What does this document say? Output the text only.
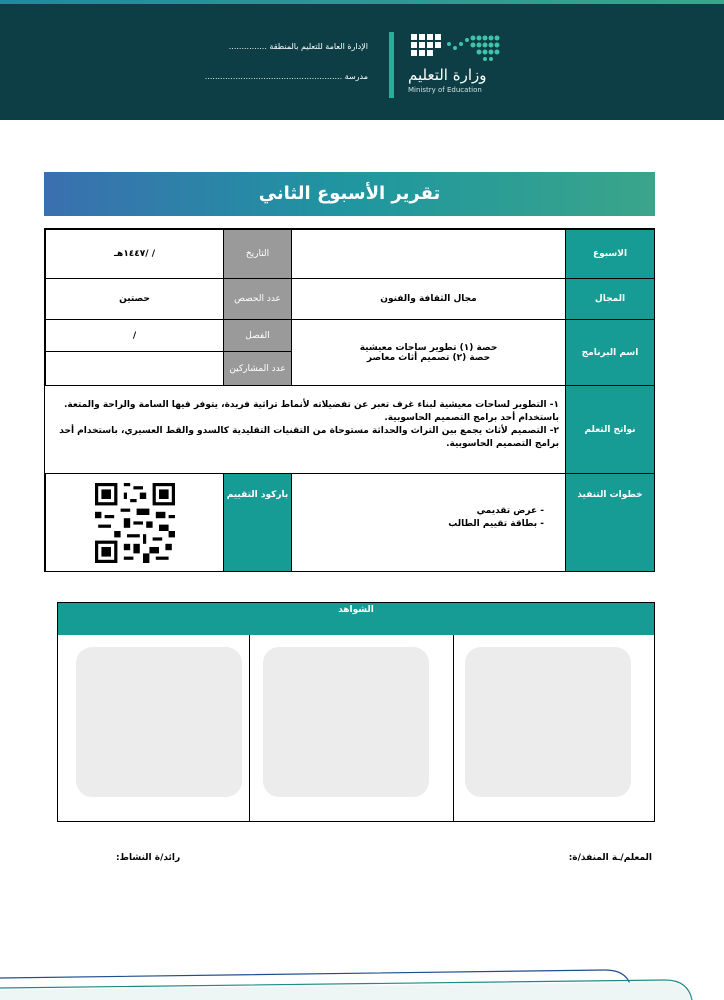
وزارة التعليم
Ministry of Education
الإدارة العامة للتعليم بالمنطقة ...............
مدرسة ......................................................
تقرير الأسبوع الثاني
الاسبوع
التاريخ
/ /١٤٤٧هـ
المجال
مجال الثقافة والفنون
عدد الحصص
حصتين
اسم البرنامج
حصة (١) تطوير ساحات معيشية
حصة (٢) تصميم أثاث معاصر
الفصل
/
عدد المشاركين
نواتج التعلم
١- التطوير لساحات معيشية لبناء غرف تعبر عن تفضيلاته لأنماط تراثية فريدة، يتوفر فيها السامة والراحة والمتعة. باستخدام أحد برامج التصميم الحاسوبية.
٢- التصميم لأثاث يجمع بين التراث والحداثة مستوحاة من التقنيات التقليدية كالسدو والقط العسيري، باستخدام أحد برامج التصميم الحاسوبية.
خطوات التنفيذ
باركود التقييم
- عرض تقديمي
- بطاقة تقييم الطالب
الشواهد
المعلم/ـة المنفذ/ة:
رائد/ة النشاط:
